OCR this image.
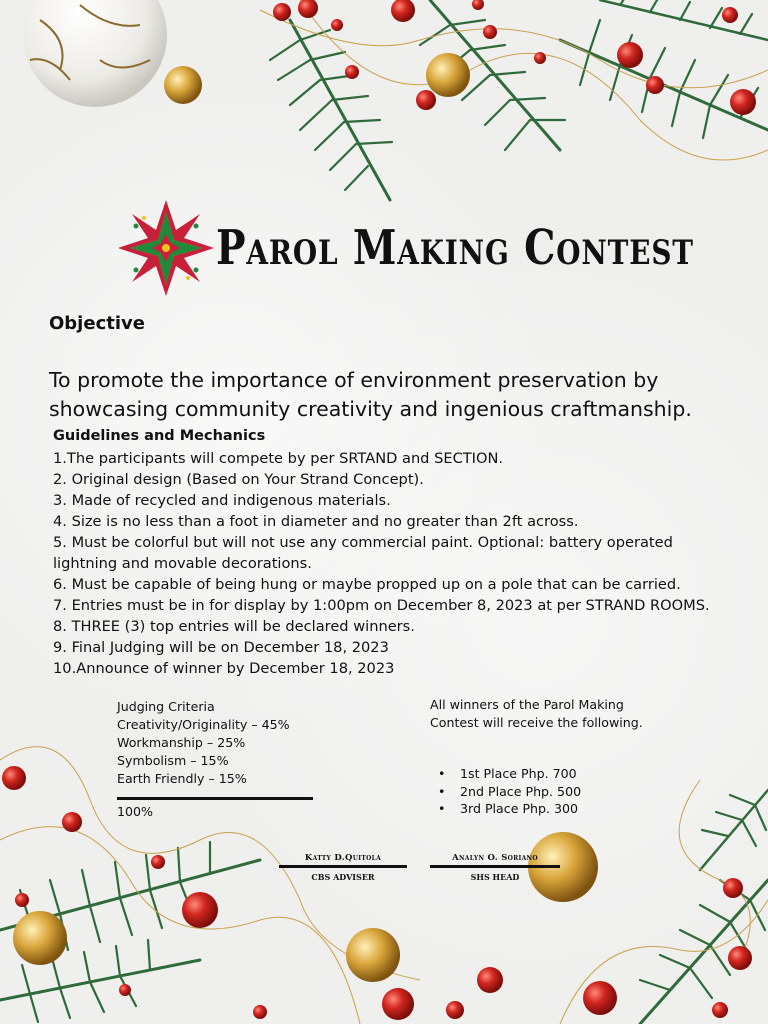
Parol Making Contest
Objective
To promote the importance of environment preservation by showcasing community creativity and ingenious craftmanship.
Guidelines and Mechanics
1.The participants will compete by per SRTAND and SECTION.
2. Original design (Based on Your Strand Concept).
3. Made of recycled and indigenous materials.
4. Size is no less than a foot in diameter and no greater than 2ft across.
5. Must be colorful but will not use any commercial paint. Optional: battery operated lightning and movable decorations.
6. Must be capable of being hung or maybe propped up on a pole that can be carried.
7. Entries must be in for display by 1:00pm on December 8, 2023 at per STRAND ROOMS.
8. THREE (3) top entries will be declared winners.
9. Final Judging will be on December 18, 2023
10.Announce of winner by December 18, 2023
Judging Criteria
Creativity/Originality – 45%
Workmanship – 25%
Symbolism – 15%
Earth Friendly – 15%
100%
All winners of the Parol Making Contest will receive the following.
• 1st Place Php. 700
• 2nd Place Php. 500
• 3rd Place Php. 300
Katty D.Quitola
CBS ADVISER
Analyn O. Soriano
SHS HEAD
